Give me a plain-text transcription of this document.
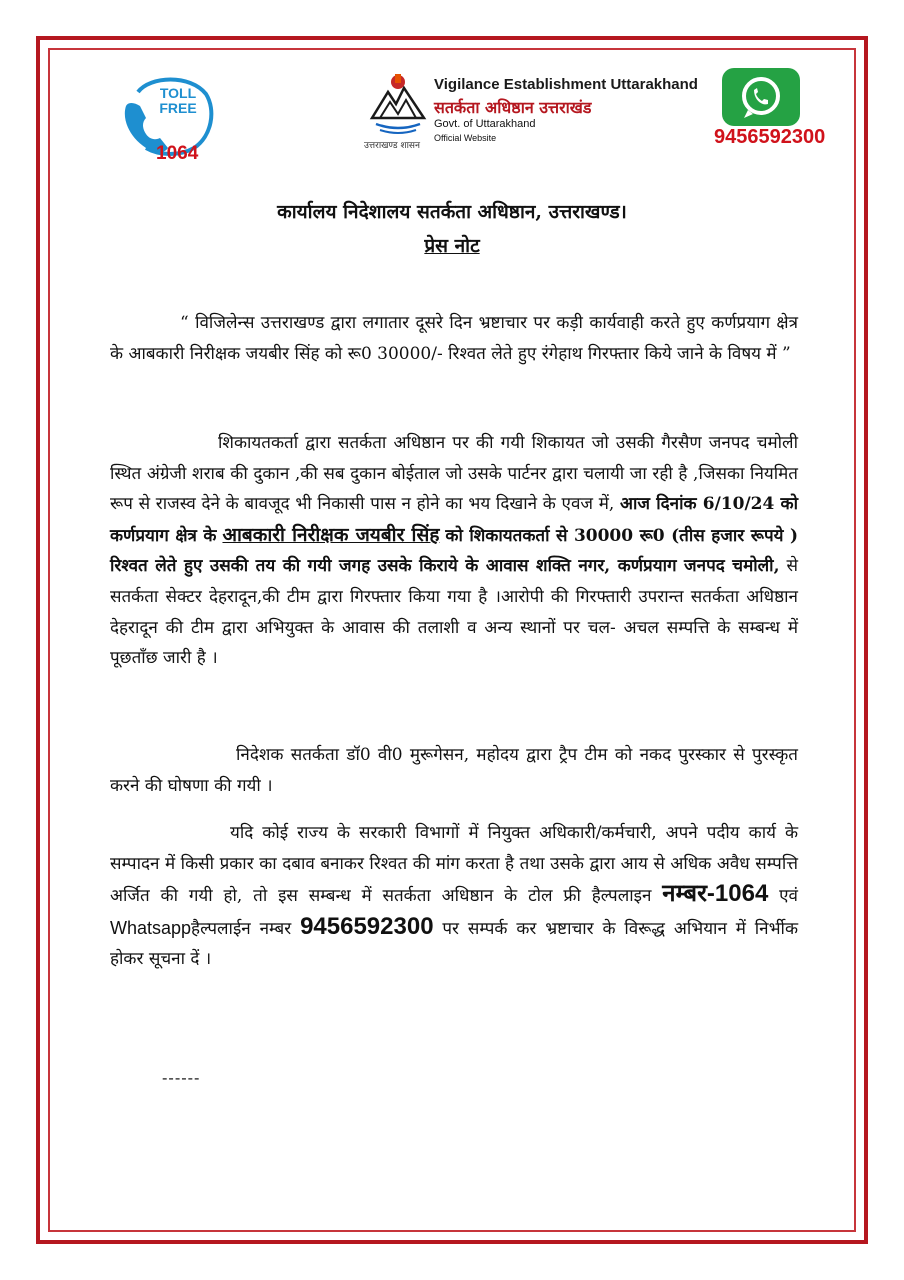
TOLL FREE
1064	उत्तराखण्ड शासन
Vigilance Establishment Uttarakhand
सतर्कता अधिष्ठान उत्तराखंड
Govt. of Uttarakhand
Official Website	9456592300
कार्यालय निदेशालय सतर्कता अधिष्ठान, उत्तराखण्ड।
प्रेस नोट
“ विजिलेन्स उत्तराखण्ड द्वारा लगातार दूसरे दिन भ्रष्टाचार पर कड़ी कार्यवाही करते हुए कर्णप्रयाग क्षेत्र के आबकारी निरीक्षक जयबीर सिंह को रू0 30000/- रिश्वत लेते हुए रंगेहाथ गिरफ्तार किये जाने के विषय में ”
शिकायतकर्ता द्वारा सतर्कता अधिष्ठान पर की गयी शिकायत जो उसकी गैरसैण जनपद चमोली स्थित अंग्रेजी शराब की दुकान ,की सब दुकान बोईताल जो उसके पार्टनर द्वारा चलायी जा रही है ,जिसका नियमित रूप से राजस्व देने के बावजूद भी निकासी पास न होने का भय दिखाने के एवज में, आज दिनांक 6/10/24 को कर्णप्रयाग क्षेत्र के आबकारी निरीक्षक जयबीर सिंह को शिकायतकर्ता से 30000 रू0 (तीस हजार रूपये ) रिश्वत लेते हुए उसकी तय की गयी जगह उसके किराये के आवास शक्ति नगर, कर्णप्रयाग जनपद चमोली, से सतर्कता सेक्टर देहरादून,की टीम द्वारा गिरफ्तार किया गया है ।आरोपी की गिरफ्तारी उपरान्त सतर्कता अधिष्ठान देहरादून की टीम द्वारा अभियुक्त के आवास की तलाशी व अन्य स्थानों पर चल- अचल सम्पत्ति के सम्बन्ध में पूछताँछ जारी है ।
निदेशक सतर्कता डॉ0 वी0 मुरूगेसन, महोदय द्वारा ट्रैप टीम को नकद पुरस्कार से पुरस्कृत करने की घोषणा की गयी ।
यदि कोई राज्य के सरकारी विभागों में नियुक्त अधिकारी/कर्मचारी, अपने पदीय कार्य के सम्पादन में किसी प्रकार का दबाव बनाकर रिश्वत की मांग करता है तथा उसके द्वारा आय से अधिक अवैध सम्पत्ति अर्जित की गयी हो, तो इस सम्बन्ध में सतर्कता अधिष्ठान के टोल फ्री हैल्पलाइन नम्बर-1064 एवं Whatsappहैल्पलाईन नम्बर 9456592300 पर सम्पर्क कर भ्रष्टाचार के विरूद्ध अभियान में निर्भीक होकर सूचना दें ।
------
